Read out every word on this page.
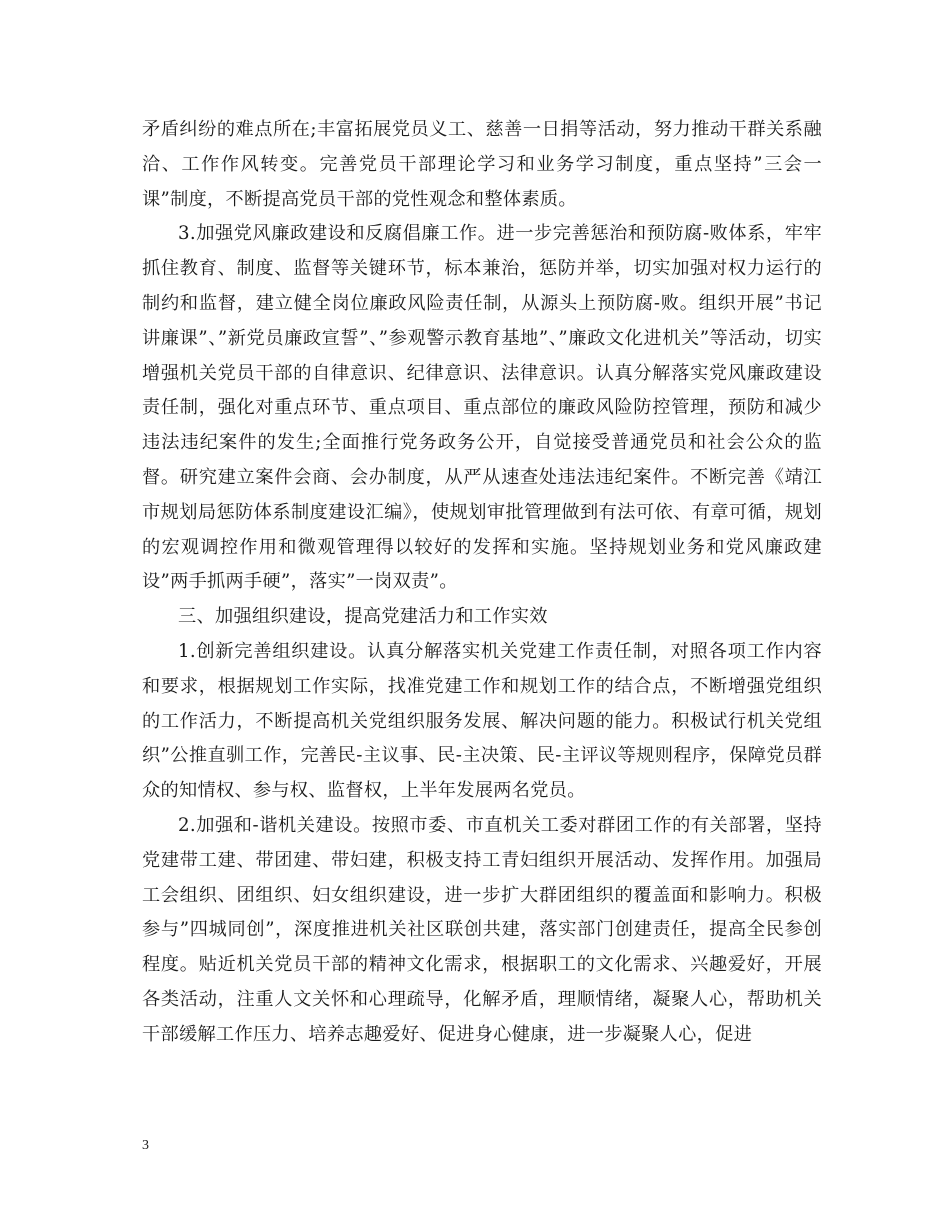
矛盾纠纷的难点所在;丰富拓展党员义工、慈善一日捐等活动，努力推动干群关系融洽、工作作风转变。完善党员干部理论学习和业务学习制度，重点坚持”三会一课”制度，不断提高党员干部的党性观念和整体素质。

3.加强党风廉政建设和反腐倡廉工作。进一步完善惩治和预防腐-败体系，牢牢抓住教育、制度、监督等关键环节，标本兼治，惩防并举，切实加强对权力运行的制约和监督，建立健全岗位廉政风险责任制，从源头上预防腐-败。组织开展”书记讲廉课”、”新党员廉政宣誓”、”参观警示教育基地”、”廉政文化进机关”等活动，切实增强机关党员干部的自律意识、纪律意识、法律意识。认真分解落实党风廉政建设责任制，强化对重点环节、重点项目、重点部位的廉政风险防控管理，预防和减少违法违纪案件的发生;全面推行党务政务公开，自觉接受普通党员和社会公众的监督。研究建立案件会商、会办制度，从严从速查处违法违纪案件。不断完善《靖江市规划局惩防体系制度建设汇编》，使规划审批管理做到有法可依、有章可循，规划的宏观调控作用和微观管理得以较好的发挥和实施。坚持规划业务和党风廉政建设”两手抓两手硬”，落实”一岗双责”。

三、加强组织建设，提高党建活力和工作实效

1.创新完善组织建设。认真分解落实机关党建工作责任制，对照各项工作内容和要求，根据规划工作实际，找准党建工作和规划工作的结合点，不断增强党组织的工作活力，不断提高机关党组织服务发展、解决问题的能力。积极试行机关党组织”公推直驯工作，完善民-主议事、民-主决策、民-主评议等规则程序，保障党员群众的知情权、参与权、监督权，上半年发展两名党员。

2.加强和-谐机关建设。按照市委、市直机关工委对群团工作的有关部署，坚持党建带工建、带团建、带妇建，积极支持工青妇组织开展活动、发挥作用。加强局工会组织、团组织、妇女组织建设，进一步扩大群团组织的覆盖面和影响力。积极参与”四城同创”，深度推进机关社区联创共建，落实部门创建责任，提高全民参创程度。贴近机关党员干部的精神文化需求，根据职工的文化需求、兴趣爱好，开展各类活动，注重人文关怀和心理疏导，化解矛盾，理顺情绪，凝聚人心，帮助机关干部缓解工作压力、培养志趣爱好、促进身心健康，进一步凝聚人心，促进

3
